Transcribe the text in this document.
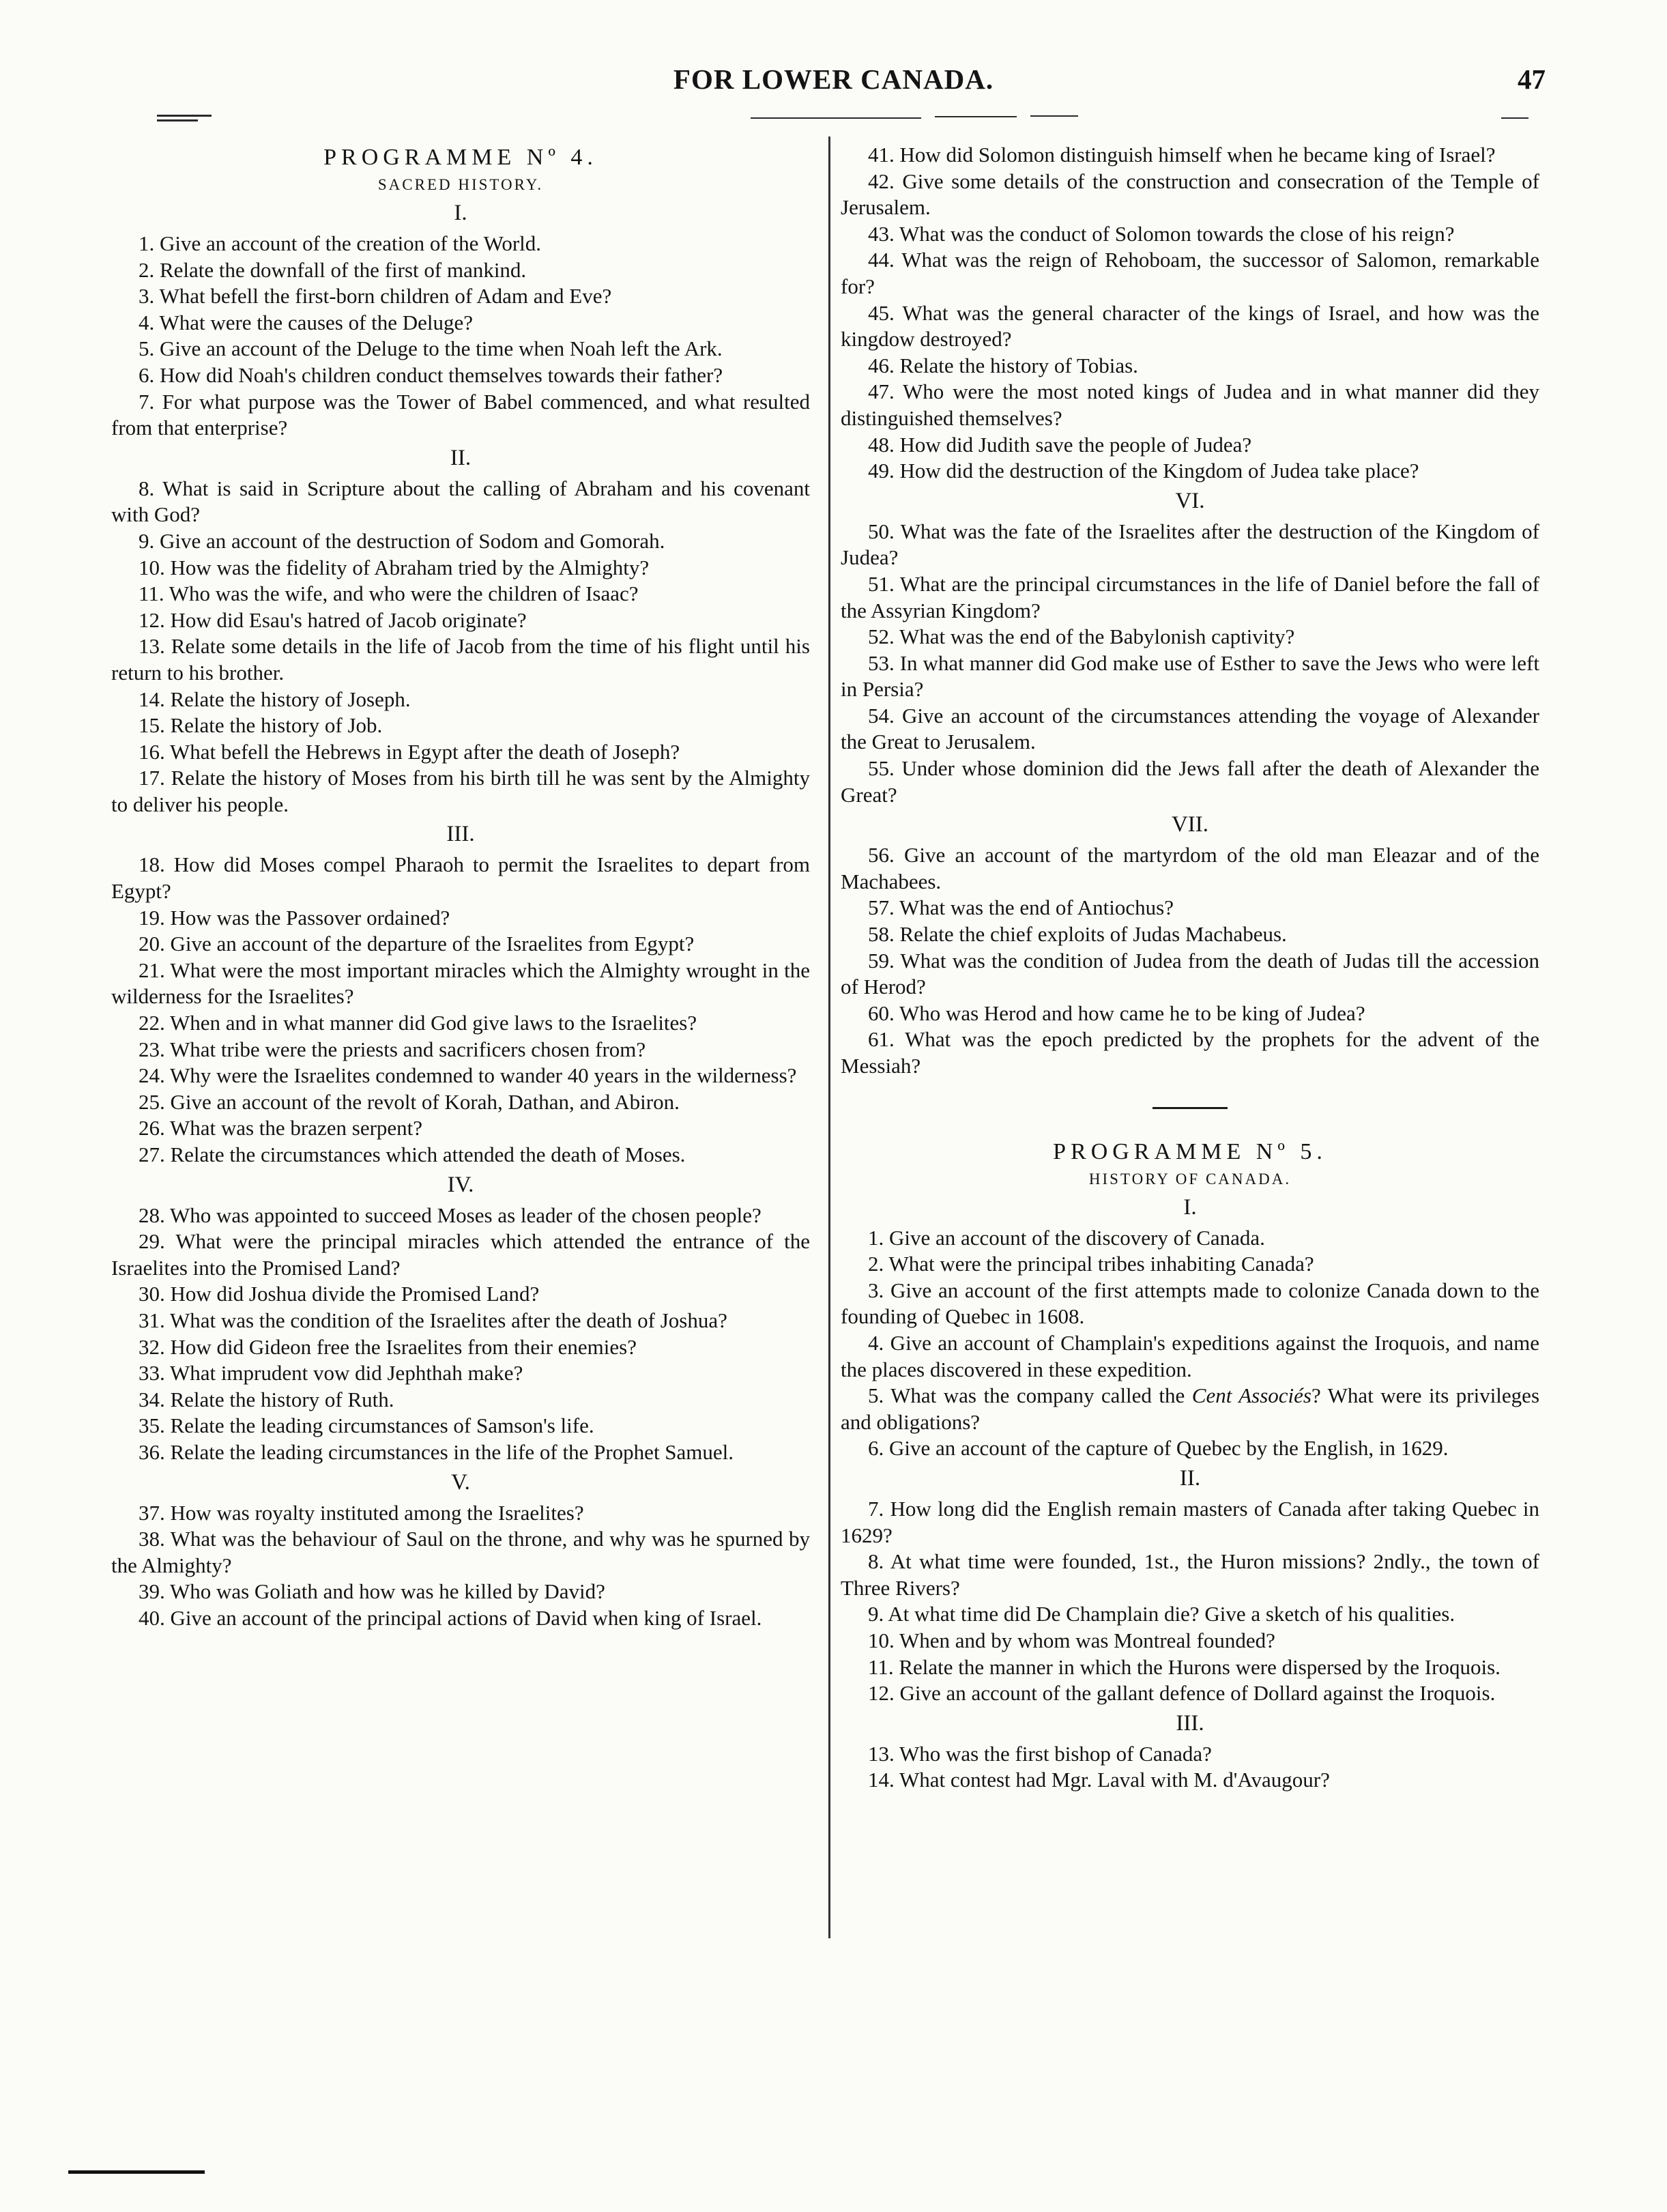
FOR LOWER CANADA.	47
PROGRAMME Nº 4.
SACRED HISTORY.
I.

1. Give an account of the creation of the World.

2. Relate the downfall of the first of mankind.

3. What befell the first-born children of Adam and Eve?

4. What were the causes of the Deluge?

5. Give an account of the Deluge to the time when Noah left the Ark.

6. How did Noah's children conduct themselves towards their father?

7. For what purpose was the Tower of Babel commenced, and what resulted from that enterprise?

II.

8. What is said in Scripture about the calling of Abraham and his covenant with God?

9. Give an account of the destruction of Sodom and Gomorah.

10. How was the fidelity of Abraham tried by the Almighty?

11. Who was the wife, and who were the children of Isaac?

12. How did Esau's hatred of Jacob originate?

13. Relate some details in the life of Jacob from the time of his flight until his return to his brother.

14. Relate the history of Joseph.

15. Relate the history of Job.

16. What befell the Hebrews in Egypt after the death of Joseph?

17. Relate the history of Moses from his birth till he was sent by the Almighty to deliver his people.

III.

18. How did Moses compel Pharaoh to permit the Israelites to depart from Egypt?

19. How was the Passover ordained?

20. Give an account of the departure of the Israelites from Egypt?

21. What were the most important miracles which the Almighty wrought in the wilderness for the Israelites?

22. When and in what manner did God give laws to the Israelites?

23. What tribe were the priests and sacrificers chosen from?

24. Why were the Israelites condemned to wander 40 years in the wilderness?

25. Give an account of the revolt of Korah, Dathan, and Abiron.

26. What was the brazen serpent?

27. Relate the circumstances which attended the death of Moses.

IV.

28. Who was appointed to succeed Moses as leader of the chosen people?

29. What were the principal miracles which attended the entrance of the Israelites into the Promised Land?

30. How did Joshua divide the Promised Land?

31. What was the condition of the Israelites after the death of Joshua?

32. How did Gideon free the Israelites from their enemies?

33. What imprudent vow did Jephthah make?

34. Relate the history of Ruth.

35. Relate the leading circumstances of Samson's life.

36. Relate the leading circumstances in the life of the Prophet Samuel.

V.

37. How was royalty instituted among the Israelites?

38. What was the behaviour of Saul on the throne, and why was he spurned by the Almighty?

39. Who was Goliath and how was he killed by David?

40. Give an account of the principal actions of David when king of Israel.

41. How did Solomon distinguish himself when he became king of Israel?

42. Give some details of the construction and consecration of the Temple of Jerusalem.

43. What was the conduct of Solomon towards the close of his reign?

44. What was the reign of Rehoboam, the successor of Salomon, remarkable for?

45. What was the general character of the kings of Israel, and how was the kingdow destroyed?

46. Relate the history of Tobias.

47. Who were the most noted kings of Judea and in what manner did they distinguished themselves?

48. How did Judith save the people of Judea?

49. How did the destruction of the Kingdom of Judea take place?

VI.

50. What was the fate of the Israelites after the destruction of the Kingdom of Judea?

51. What are the principal circumstances in the life of Daniel before the fall of the Assyrian Kingdom?

52. What was the end of the Babylonish captivity?

53. In what manner did God make use of Esther to save the Jews who were left in Persia?

54. Give an account of the circumstances attending the voyage of Alexander the Great to Jerusalem.

55. Under whose dominion did the Jews fall after the death of Alexander the Great?

VII.

56. Give an account of the martyrdom of the old man Eleazar and of the Machabees.

57. What was the end of Antiochus?

58. Relate the chief exploits of Judas Machabeus.

59. What was the condition of Judea from the death of Judas till the accession of Herod?

60. Who was Herod and how came he to be king of Judea?

61. What was the epoch predicted by the prophets for the advent of the Messiah?

PROGRAMME Nº 5.
HISTORY OF CANADA.
I.

1. Give an account of the discovery of Canada.

2. What were the principal tribes inhabiting Canada?

3. Give an account of the first attempts made to colonize Canada down to the founding of Quebec in 1608.

4. Give an account of Champlain's expeditions against the Iroquois, and name the places discovered in these expedition.

5. What was the company called the Cent Associés? What were its privileges and obligations?

6. Give an account of the capture of Quebec by the English, in 1629.

II.

7. How long did the English remain masters of Canada after taking Quebec in 1629?

8. At what time were founded, 1st., the Huron missions? 2ndly., the town of Three Rivers?

9. At what time did De Champlain die? Give a sketch of his qualities.

10. When and by whom was Montreal founded?

11. Relate the manner in which the Hurons were dispersed by the Iroquois.

12. Give an account of the gallant defence of Dollard against the Iroquois.

III.

13. Who was the first bishop of Canada?

14. What contest had Mgr. Laval with M. d'Avaugour?
